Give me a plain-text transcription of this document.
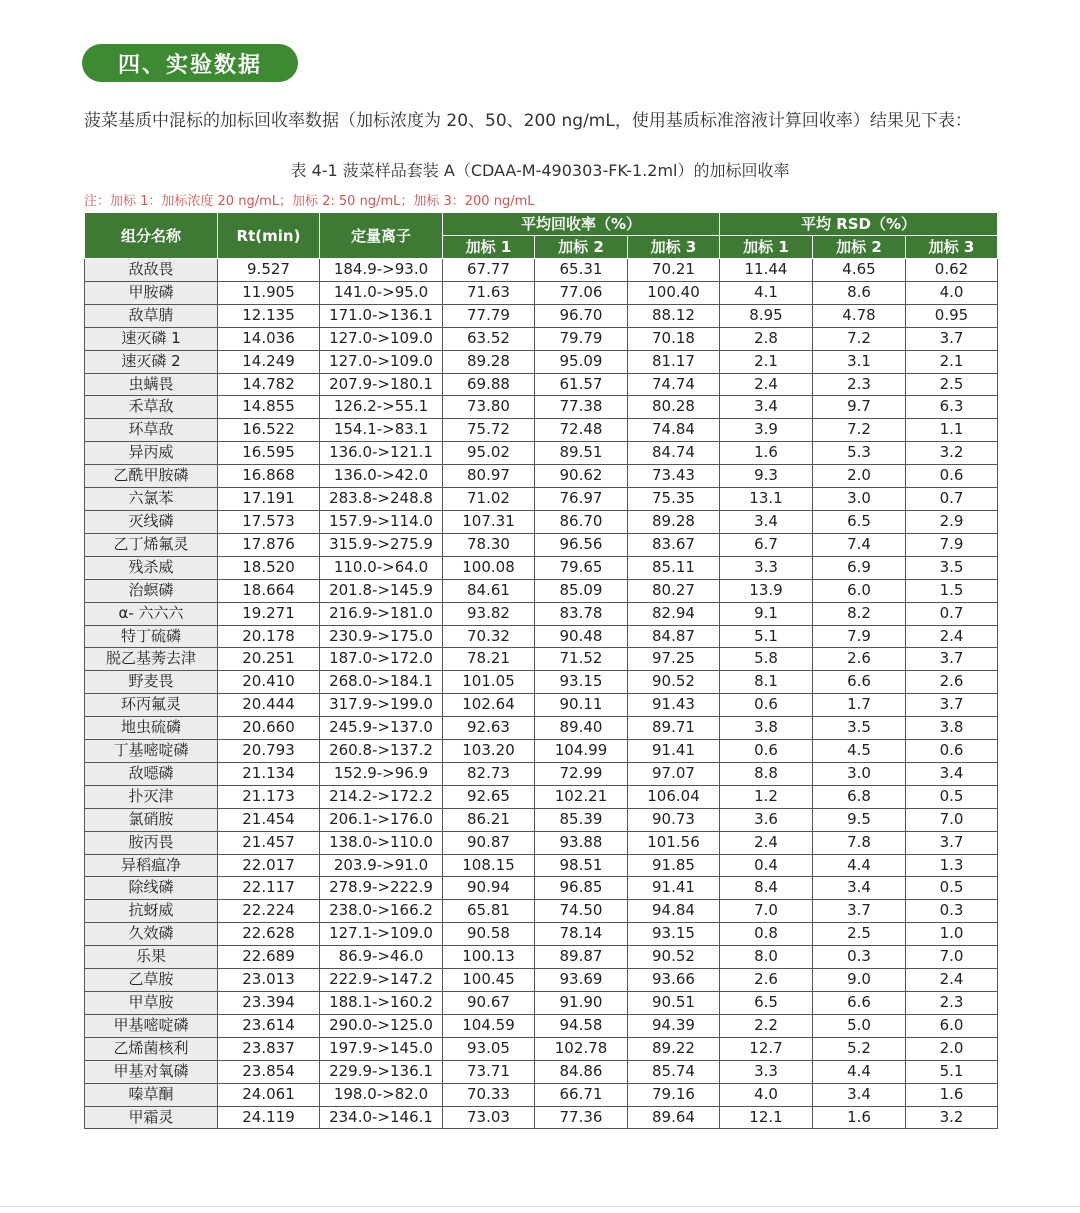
四、实验数据
菠菜基质中混标的加标回收率数据（加标浓度为 20、50、200 ng/mL，使用基质标准溶液计算回收率）结果见下表：
表 4-1 菠菜样品套装 A（CDAA-M-490303-FK-1.2ml）的加标回收率
注：加标 1：加标浓度 20 ng/mL；加标 2: 50 ng/mL；加标 3：200 ng/mL
组分名称	Rt(min)	定量离子	平均回收率（%）			平均 RSD（%）		
			加标 1	加标 2	加标 3	加标 1	加标 2	加标 3
敌敌畏	9.527	184.9->93.0	67.77	65.31	70.21	11.44	4.65	0.62
甲胺磷	11.905	141.0->95.0	71.63	77.06	100.40	4.1	8.6	4.0
敌草腈	12.135	171.0->136.1	77.79	96.70	88.12	8.95	4.78	0.95
速灭磷 1	14.036	127.0->109.0	63.52	79.79	70.18	2.8	7.2	3.7
速灭磷 2	14.249	127.0->109.0	89.28	95.09	81.17	2.1	3.1	2.1
虫螨畏	14.782	207.9->180.1	69.88	61.57	74.74	2.4	2.3	2.5
禾草敌	14.855	126.2->55.1	73.80	77.38	80.28	3.4	9.7	6.3
环草敌	16.522	154.1->83.1	75.72	72.48	74.84	3.9	7.2	1.1
异丙威	16.595	136.0->121.1	95.02	89.51	84.74	1.6	5.3	3.2
乙酰甲胺磷	16.868	136.0->42.0	80.97	90.62	73.43	9.3	2.0	0.6
六氯苯	17.191	283.8->248.8	71.02	76.97	75.35	13.1	3.0	0.7
灭线磷	17.573	157.9->114.0	107.31	86.70	89.28	3.4	6.5	2.9
乙丁烯氟灵	17.876	315.9->275.9	78.30	96.56	83.67	6.7	7.4	7.9
残杀威	18.520	110.0->64.0	100.08	79.65	85.11	3.3	6.9	3.5
治螟磷	18.664	201.8->145.9	84.61	85.09	80.27	13.9	6.0	1.5
α- 六六六	19.271	216.9->181.0	93.82	83.78	82.94	9.1	8.2	0.7
特丁硫磷	20.178	230.9->175.0	70.32	90.48	84.87	5.1	7.9	2.4
脱乙基莠去津	20.251	187.0->172.0	78.21	71.52	97.25	5.8	2.6	3.7
野麦畏	20.410	268.0->184.1	101.05	93.15	90.52	8.1	6.6	2.6
环丙氟灵	20.444	317.9->199.0	102.64	90.11	91.43	0.6	1.7	3.7
地虫硫磷	20.660	245.9->137.0	92.63	89.40	89.71	3.8	3.5	3.8
丁基嘧啶磷	20.793	260.8->137.2	103.20	104.99	91.41	0.6	4.5	0.6
敌噁磷	21.134	152.9->96.9	82.73	72.99	97.07	8.8	3.0	3.4
扑灭津	21.173	214.2->172.2	92.65	102.21	106.04	1.2	6.8	0.5
氯硝胺	21.454	206.1->176.0	86.21	85.39	90.73	3.6	9.5	7.0
胺丙畏	21.457	138.0->110.0	90.87	93.88	101.56	2.4	7.8	3.7
异稻瘟净	22.017	203.9->91.0	108.15	98.51	91.85	0.4	4.4	1.3
除线磷	22.117	278.9->222.9	90.94	96.85	91.41	8.4	3.4	0.5
抗蚜威	22.224	238.0->166.2	65.81	74.50	94.84	7.0	3.7	0.3
久效磷	22.628	127.1->109.0	90.58	78.14	93.15	0.8	2.5	1.0
乐果	22.689	86.9->46.0	100.13	89.87	90.52	8.0	0.3	7.0
乙草胺	23.013	222.9->147.2	100.45	93.69	93.66	2.6	9.0	2.4
甲草胺	23.394	188.1->160.2	90.67	91.90	90.51	6.5	6.6	2.3
甲基嘧啶磷	23.614	290.0->125.0	104.59	94.58	94.39	2.2	5.0	6.0
乙烯菌核利	23.837	197.9->145.0	93.05	102.78	89.22	12.7	5.2	2.0
甲基对氧磷	23.854	229.9->136.1	73.71	84.86	85.74	3.3	4.4	5.1
嗪草酮	24.061	198.0->82.0	70.33	66.71	79.16	4.0	3.4	1.6
甲霜灵	24.119	234.0->146.1	73.03	77.36	89.64	12.1	1.6	3.2
